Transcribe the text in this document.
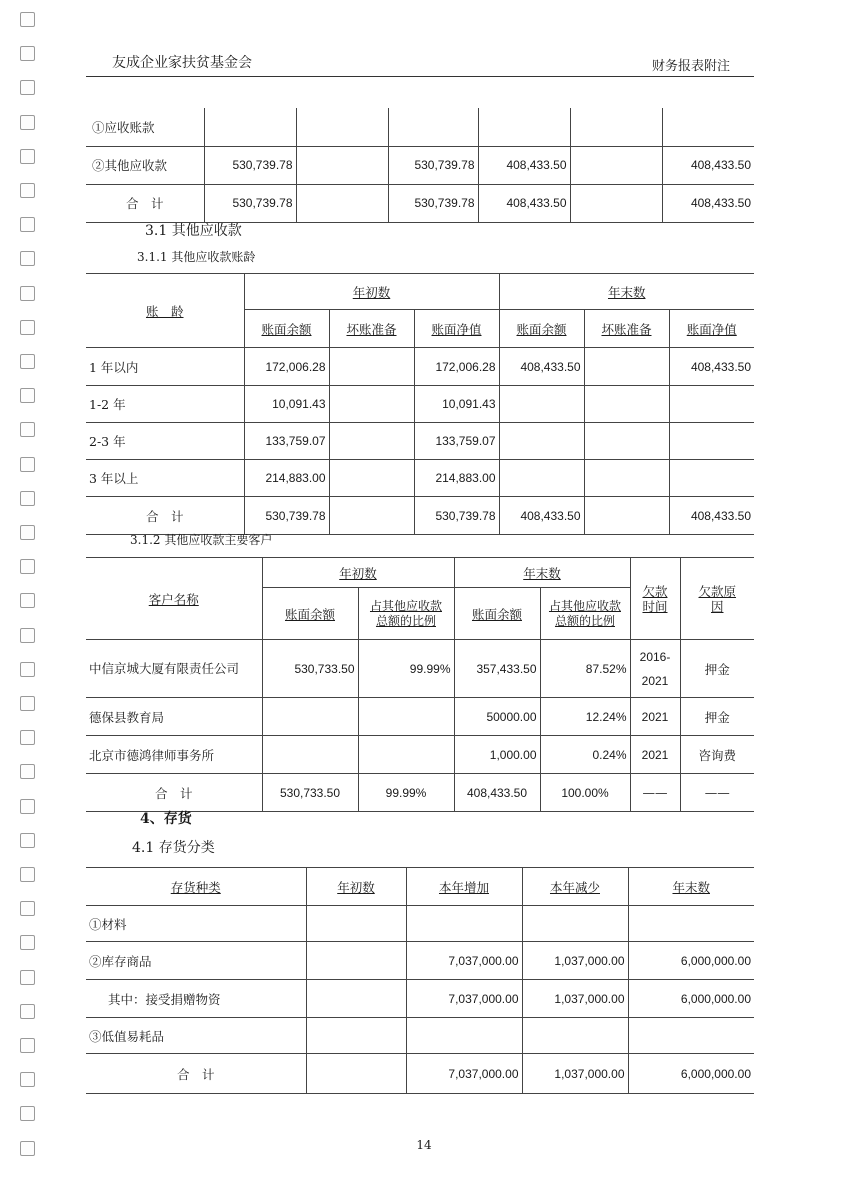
友成企业家扶贫基金会	财务报表附注
①应收账款						
②其他应收款	530,739.78		530,739.78	408,433.50		408,433.50
合　计	530,739.78		530,739.78	408,433.50		408,433.50
3.1 其他应收款
3.1.1 其他应收款账龄
账　龄	年初数			年末数		
	账面余额	坏账准备	账面净值	账面余额	坏账准备	账面净值
1 年以内	172,006.28		172,006.28	408,433.50		408,433.50
1-2 年	10,091.43		10,091.43			
2-3 年	133,759.07		133,759.07			
3 年以上	214,883.00		214,883.00			
合　计	530,739.78		530,739.78	408,433.50		408,433.50
3.1.2 其他应收款主要客户
客户名称	年初数		年末数		欠款时间	欠款原因
	账面余额	占其他应收款总额的比例	账面余额	占其他应收款总额的比例		
中信京城大厦有限责任公司	530,733.50	99.99%	357,433.50	87.52%	2016-2021	押金
德保县教育局			50000.00	12.24%	2021	押金
北京市德鸿律师事务所			1,000.00	0.24%	2021	咨询费
合　计	530,733.50	99.99%	408,433.50	100.00%	——	——
4、存货
4.1 存货分类
存货种类	年初数	本年增加	本年减少	年末数
①材料				
②库存商品		7,037,000.00	1,037,000.00	6,000,000.00
其中：接受捐赠物资		7,037,000.00	1,037,000.00	6,000,000.00
③低值易耗品				
合　计		7,037,000.00	1,037,000.00	6,000,000.00
14
